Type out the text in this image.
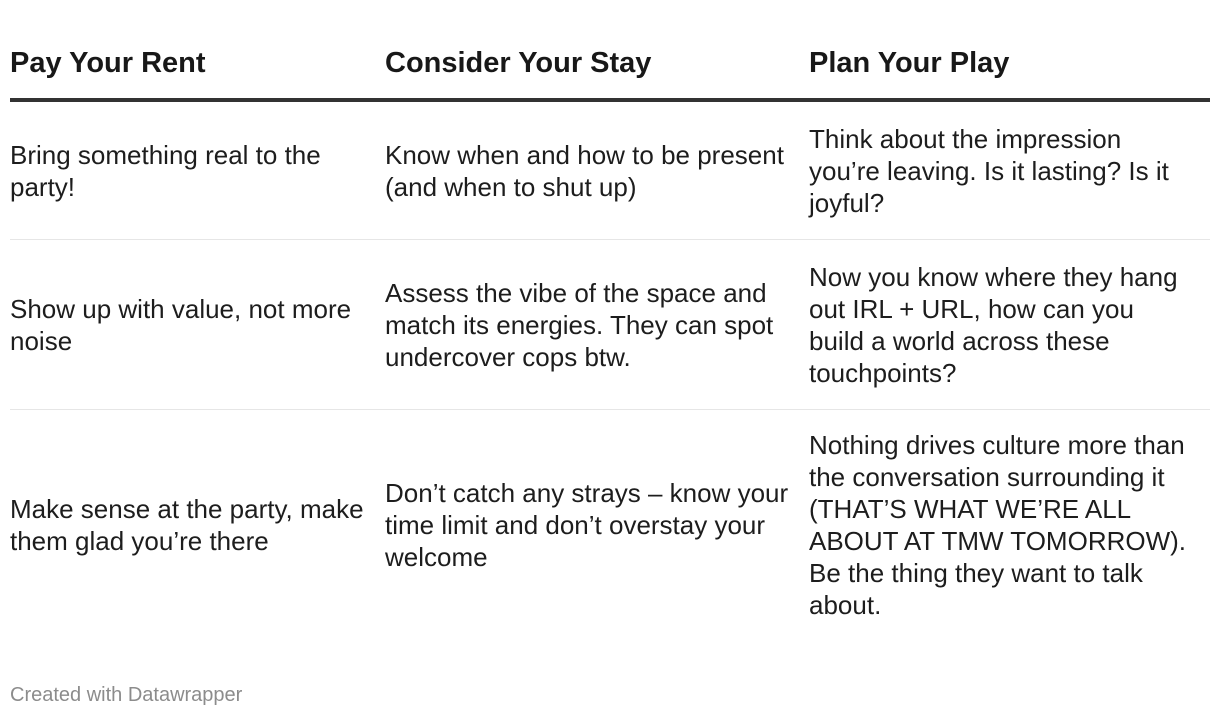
Pay Your Rent	Consider Your Stay	Plan Your Play
Bring something real to the party!	Know when and how to be present (and when to shut up)	Think about the impression you’re leaving. Is it lasting? Is it joyful?
Show up with value, not more noise	Assess the vibe of the space and match its energies. They can spot undercover cops btw.	Now you know where they hang out IRL + URL, how can you build a world across these touchpoints?
Make sense at the party, make them glad you’re there	Don’t catch any strays – know your time limit and don’t overstay your welcome	Nothing drives culture more than the conversation surrounding it (THAT’S WHAT WE’RE ALL ABOUT AT TMW TOMORROW). Be the thing they want to talk about.
Created with Datawrapper
